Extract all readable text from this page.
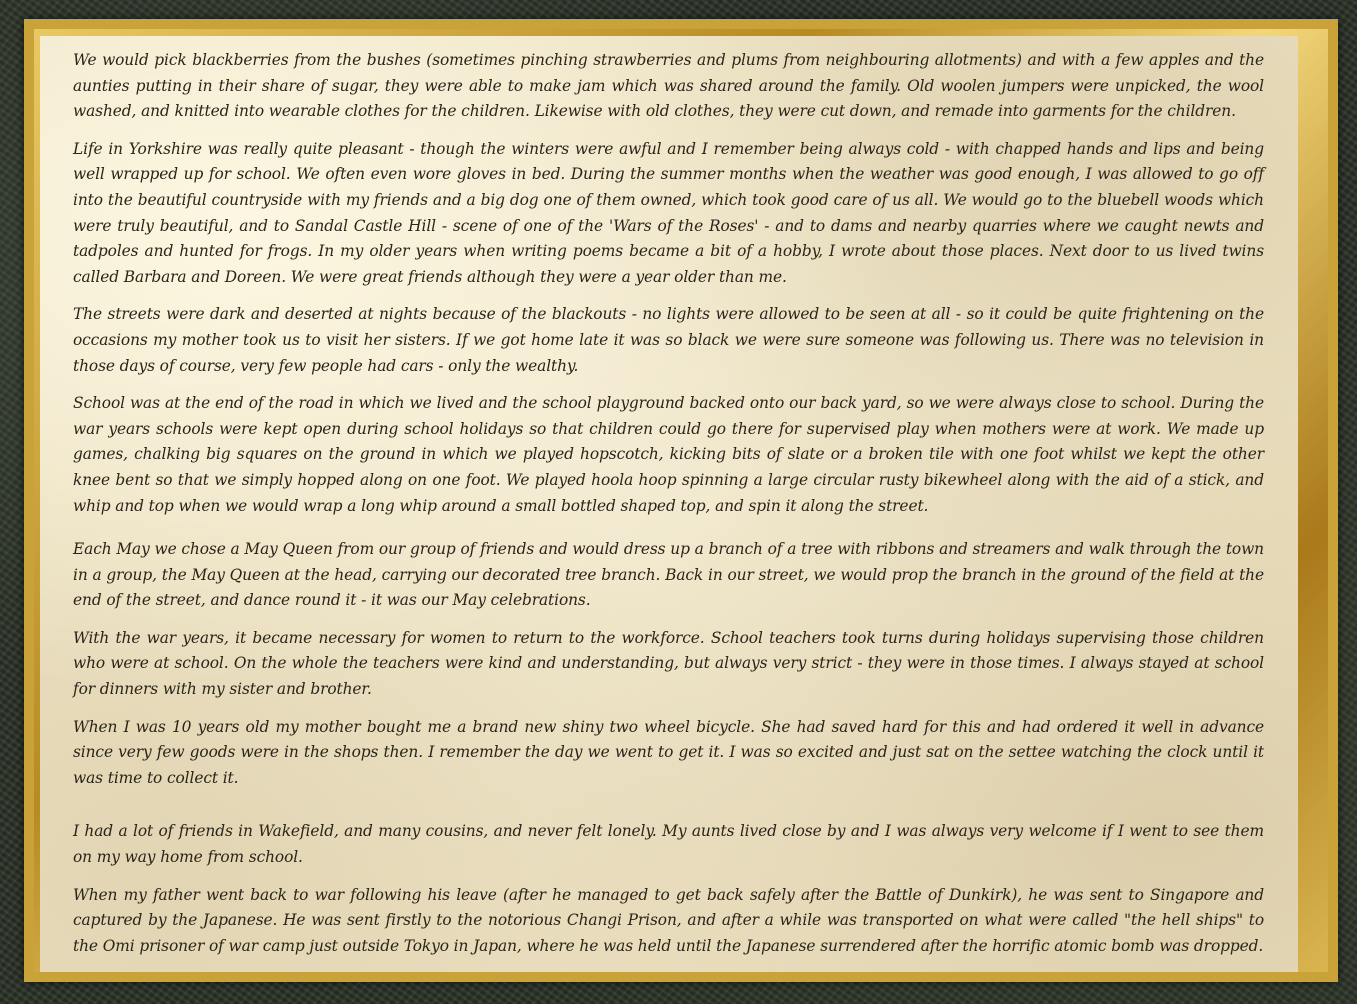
We would pick blackberries from the bushes (sometimes pinching strawberries and plums from neighbouring allotments) and with a few apples and the aunties putting in their share of sugar, they were able to make jam which was shared around the family. Old woolen jumpers were unpicked, the wool washed, and knitted into wearable clothes for the children. Likewise with old clothes, they were cut down, and remade into garments for the children.

Life in Yorkshire was really quite pleasant - though the winters were awful and I remember being always cold - with chapped hands and lips and being well wrapped up for school. We often even wore gloves in bed. During the summer months when the weather was good enough, I was allowed to go off into the beautiful countryside with my friends and a big dog one of them owned, which took good care of us all. We would go to the bluebell woods which were truly beautiful, and to Sandal Castle Hill - scene of one of the 'Wars of the Roses' - and to dams and nearby quarries where we caught newts and tadpoles and hunted for frogs. In my older years when writing poems became a bit of a hobby, I wrote about those places. Next door to us lived twins called Barbara and Doreen. We were great friends although they were a year older than me.

The streets were dark and deserted at nights because of the blackouts - no lights were allowed to be seen at all - so it could be quite frightening on the occasions my mother took us to visit her sisters. If we got home late it was so black we were sure someone was following us. There was no television in those days of course, very few people had cars - only the wealthy.

School was at the end of the road in which we lived and the school playground backed onto our back yard, so we were always close to school. During the war years schools were kept open during school holidays so that children could go there for supervised play when mothers were at work. We made up games, chalking big squares on the ground in which we played hopscotch, kicking bits of slate or a broken tile with one foot whilst we kept the other knee bent so that we simply hopped along on one foot. We played hoola hoop spinning a large circular rusty bikewheel along with the aid of a stick, and whip and top when we would wrap a long whip around a small bottled shaped top, and spin it along the street.

Each May we chose a May Queen from our group of friends and would dress up a branch of a tree with ribbons and streamers and walk through the town in a group, the May Queen at the head, carrying our decorated tree branch. Back in our street, we would prop the branch in the ground of the field at the end of the street, and dance round it - it was our May celebrations.

With the war years, it became necessary for women to return to the workforce. School teachers took turns during holidays supervising those children who were at school. On the whole the teachers were kind and understanding, but always very strict - they were in those times. I always stayed at school for dinners with my sister and brother.

When I was 10 years old my mother bought me a brand new shiny two wheel bicycle. She had saved hard for this and had ordered it well in advance since very few goods were in the shops then. I remember the day we went to get it. I was so excited and just sat on the settee watching the clock until it was time to collect it.

I had a lot of friends in Wakefield, and many cousins, and never felt lonely. My aunts lived close by and I was always very welcome if I went to see them on my way home from school.

When my father went back to war following his leave (after he managed to get back safely after the Battle of Dunkirk), he was sent to Singapore and captured by the Japanese. He was sent firstly to the notorious Changi Prison, and after a while was transported on what were called "the hell ships" to the Omi prisoner of war camp just outside Tokyo in Japan, where he was held until the Japanese surrendered after the horrific atomic bomb was dropped.
